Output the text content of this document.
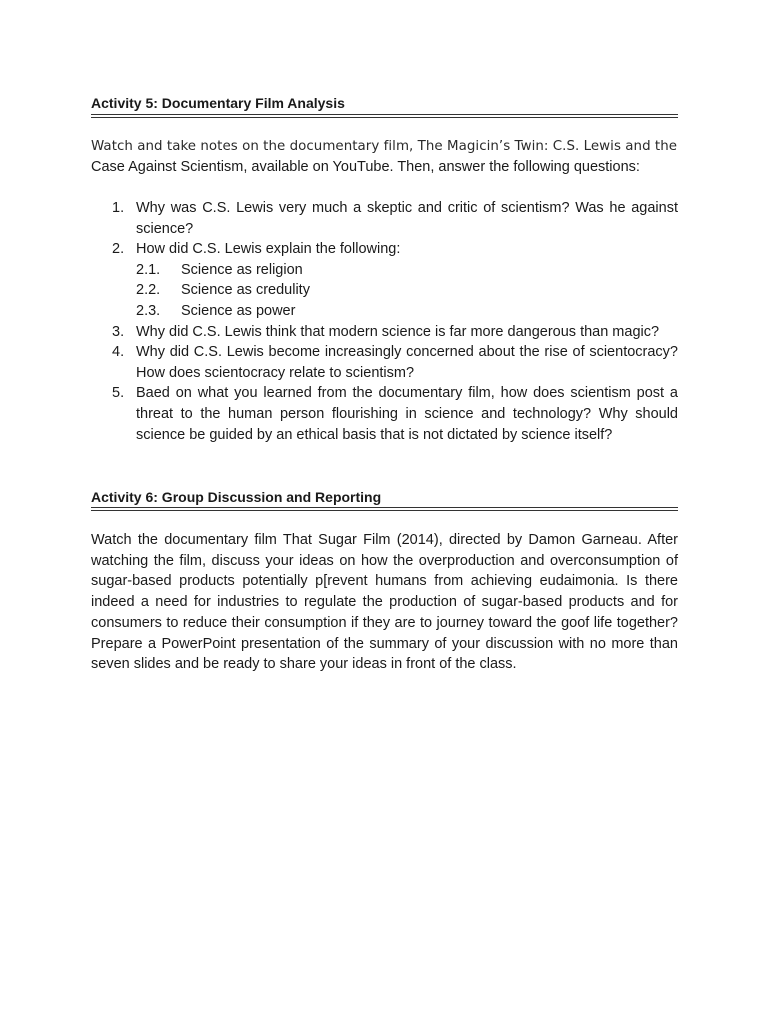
Activity 5: Documentary Film Analysis
Watch and take notes on the documentary film, The Magicin’s Twin: C.S. Lewis and the
Case Against Scientism, available on YouTube. Then, answer the following questions:
1. Why was C.S. Lewis very much a skeptic and critic of scientism? Was he against science?
2. How did C.S. Lewis explain the following:
2.1. Science as religion
2.2. Science as credulity
2.3. Science as power
3. Why did C.S. Lewis think that modern science is far more dangerous than magic?
4. Why did C.S. Lewis become increasingly concerned about the rise of scientocracy? How does scientocracy relate to scientism?
5. Baed on what you learned from the documentary film, how does scientism post a threat to the human person flourishing in science and technology? Why should science be guided by an ethical basis that is not dictated by science itself?
Activity 6: Group Discussion and Reporting

Watch the documentary film That Sugar Film (2014), directed by Damon Garneau. After watching the film, discuss your ideas on how the overproduction and overconsumption of sugar-based products potentially p[revent humans from achieving eudaimonia. Is there indeed a need for industries to regulate the production of sugar-based products and for consumers to reduce their consumption if they are to journey toward the goof life together? Prepare a PowerPoint presentation of the summary of your discussion with no more than seven slides and be ready to share your ideas in front of the class.
